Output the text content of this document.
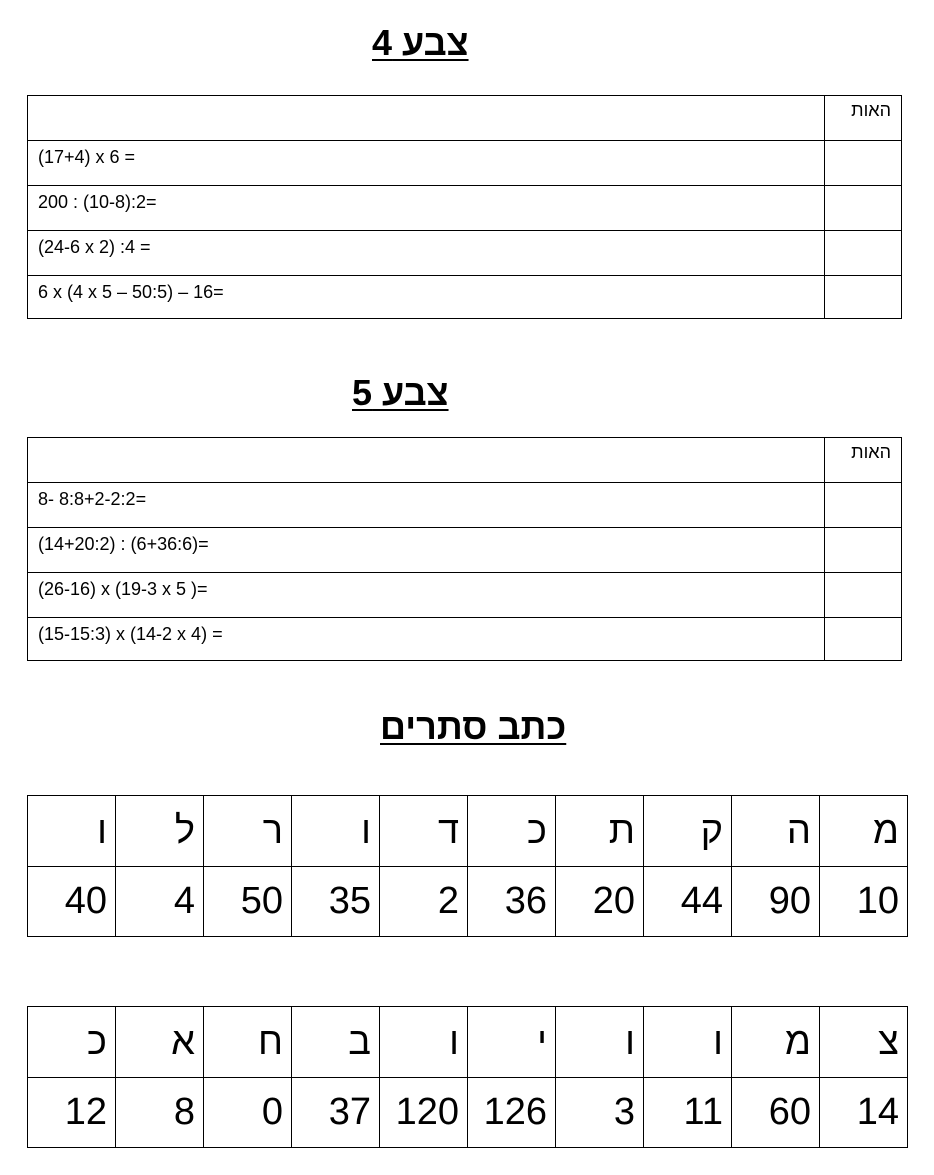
צבע 4
	האות
(17+4) x 6 =	
200 : (10-8):2=	
(24-6 x 2) :4 =	
6 x (4 x 5 – 50:5) – 16=	
צבע 5
	האות
8- 8:8+2-2:2=	
(14+20:2) : (6+36:6)=	
(26-16) x (19-3 x 5 )=	
(15-15:3) x (14-2 x 4) =	
כתב סתרים
ו	ל	ר	ו	ד	כ	ת	ק	ה	מ
40	4	50	35	2	36	20	44	90	10
כ	א	ח	ב	ו	י	ו	ו	מ	צ
12	8	0	37	120	126	3	11	60	14
